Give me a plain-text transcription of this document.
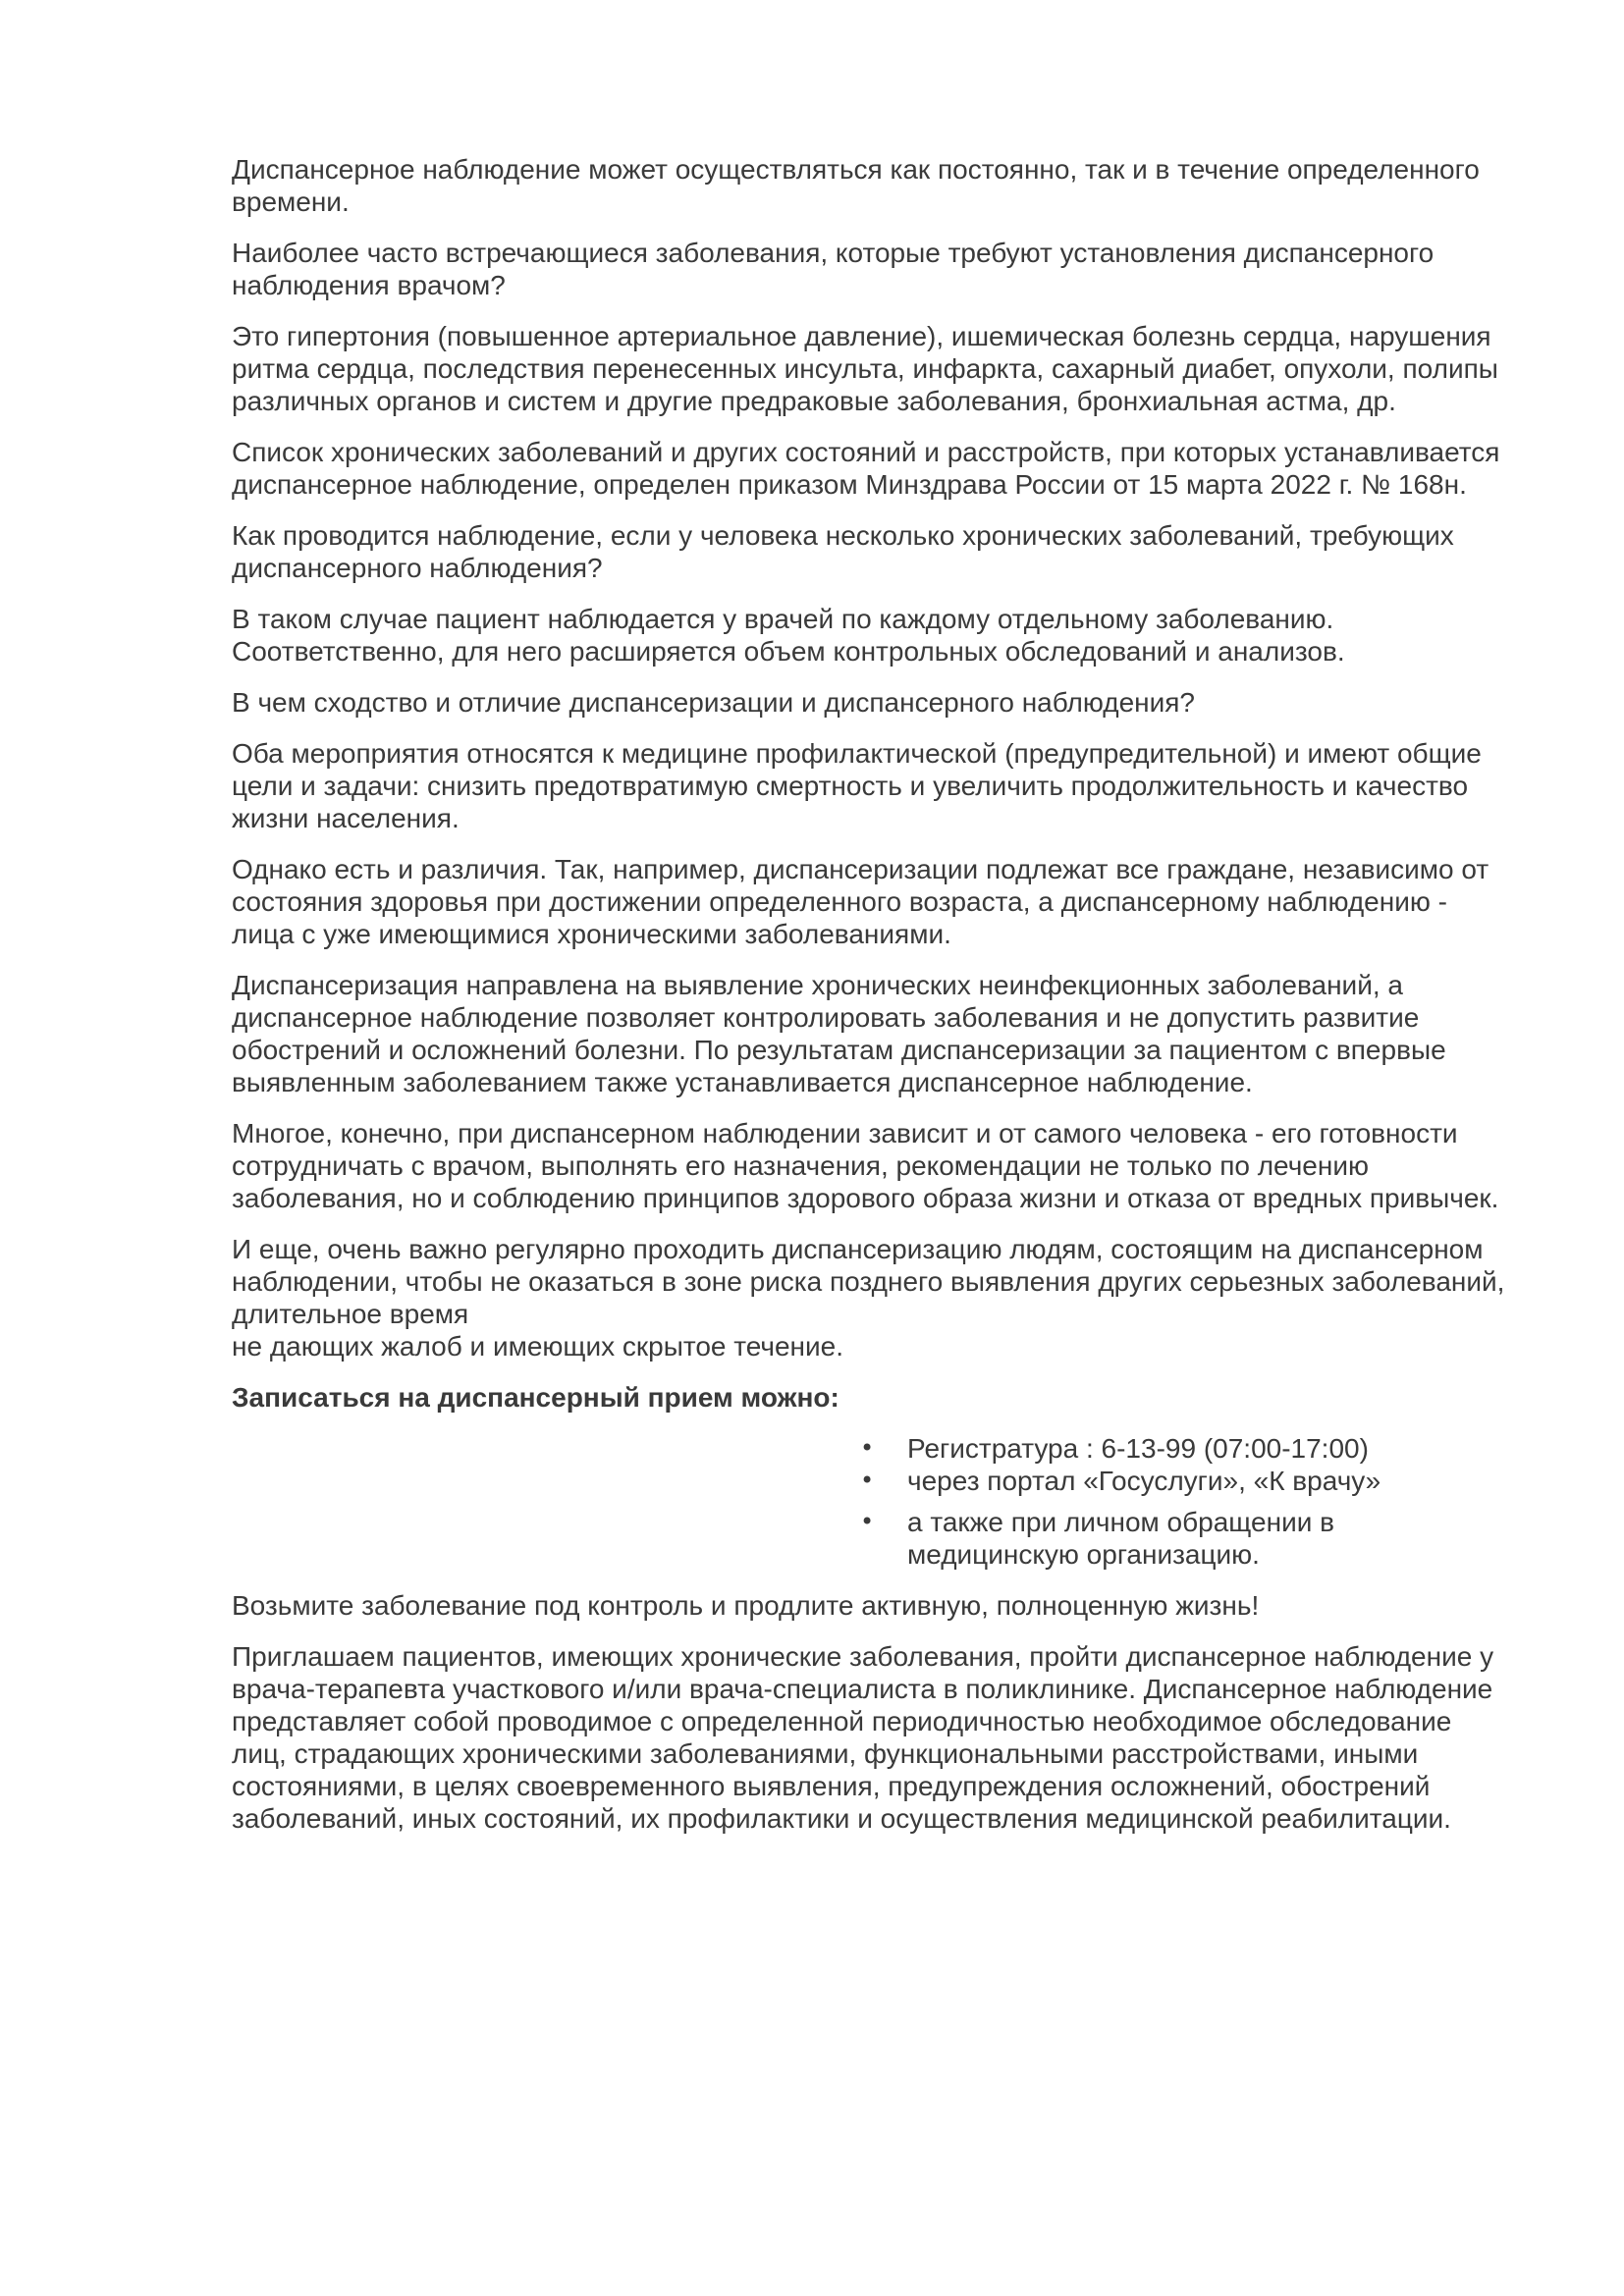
Диспансерное наблюдение может осуществляться как постоянно, так и в течение определенного времени.

Наиболее часто встречающиеся заболевания, которые требуют установления диспансерного наблюдения врачом?

Это гипертония (повышенное артериальное давление), ишемическая болезнь сердца, нарушения ритма сердца, последствия перенесенных инсульта, инфаркта, сахарный диабет, опухоли, полипы различных органов и систем и другие предраковые заболевания, бронхиальная астма, др.

Список хронических заболеваний и других состояний и расстройств, при которых устанавливается диспансерное наблюдение, определен приказом Минздрава России от 15 марта 2022 г. № 168н.

Как проводится наблюдение, если у человека несколько хронических заболеваний, требующих диспансерного наблюдения?

В таком случае пациент наблюдается у врачей по каждому отдельному заболеванию. Соответственно, для него расширяется объем контрольных обследований и анализов.

В чем сходство и отличие диспансеризации и диспансерного наблюдения?

Оба мероприятия относятся к медицине профилактической (предупредительной) и имеют общие цели и задачи: снизить предотвратимую смертность и увеличить продолжительность и качество жизни населения.

Однако есть и различия. Так, например, диспансеризации подлежат все граждане, независимо от состояния здоровья при достижении определенного возраста, а диспансерному наблюдению - лица с уже имеющимися хроническими заболеваниями.

Диспансеризация направлена на выявление хронических неинфекционных заболеваний, а диспансерное наблюдение позволяет контролировать заболевания и не допустить развитие обострений и осложнений болезни. По результатам диспансеризации за пациентом с впервые выявленным заболеванием также устанавливается диспансерное наблюдение.

Многое, конечно, при диспансерном наблюдении зависит и от самого человека - его готовности сотрудничать с врачом, выполнять его назначения, рекомендации не только по лечению заболевания, но и соблюдению принципов здорового образа жизни и отказа от вредных привычек.

И еще, очень важно регулярно проходить диспансеризацию людям, состоящим на диспансерном наблюдении, чтобы не оказаться в зоне риска позднего выявления других серьезных заболеваний, длительное время
не дающих жалоб и имеющих скрытое течение.

Записаться на диспансерный прием можно:

• Регистратура : 6-13-99 (07:00-17:00)
• через портал «Госуслуги», «К врачу»
• а также при личном обращении в медицинскую организацию.

Возьмите заболевание под контроль и продлите активную, полноценную жизнь!

Приглашаем пациентов, имеющих хронические заболевания, пройти диспансерное наблюдение у врача-терапевта участкового и/или врача-специалиста в поликлинике. Диспансерное наблюдение представляет собой проводимое с определенной периодичностью необходимое обследование лиц, страдающих хроническими заболеваниями, функциональными расстройствами, иными состояниями, в целях своевременного выявления, предупреждения осложнений, обострений заболеваний, иных состояний, их профилактики и осуществления медицинской реабилитации.
